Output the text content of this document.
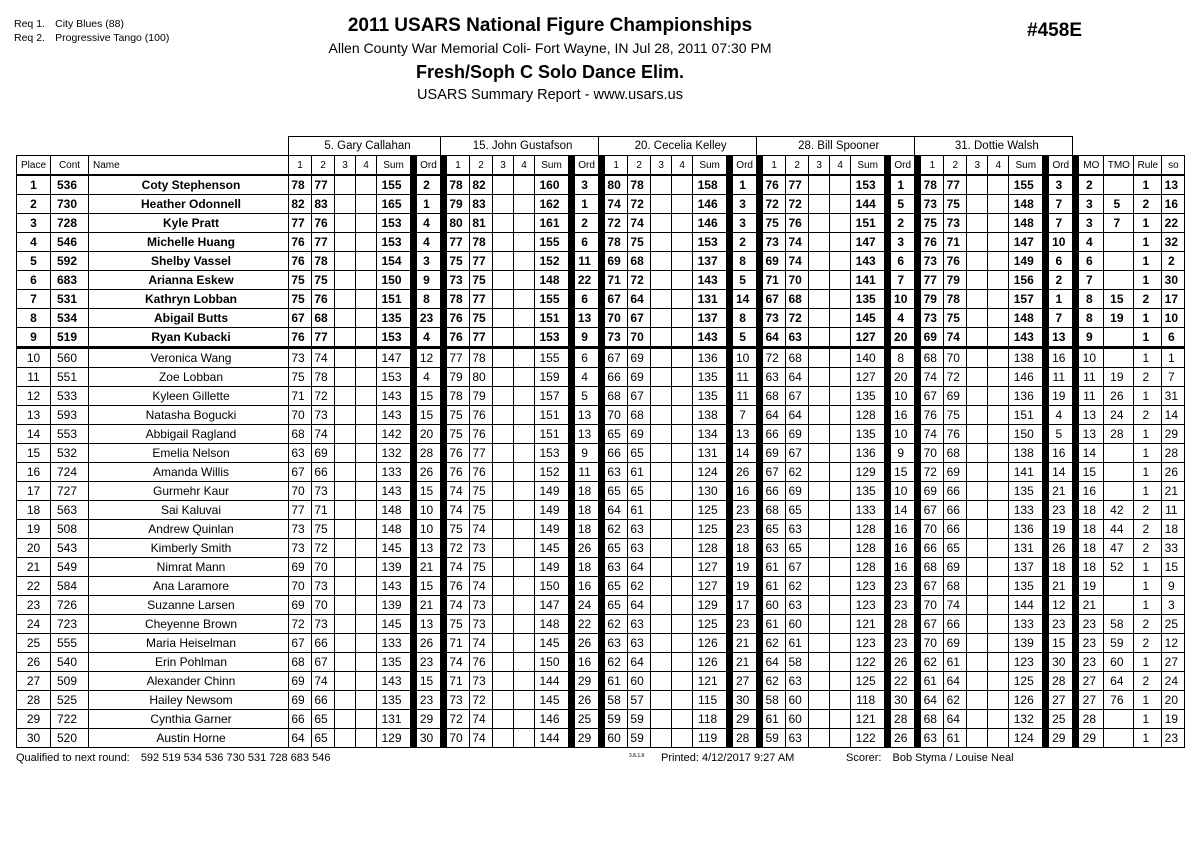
Req 1. City Blues (88)
Req 2. Progressive Tango (100)
2011 USARS National Figure Championships
Allen County War Memorial Coli- Fort Wayne, IN Jul 28, 2011 07:30 PM
Fresh/Soph C Solo Dance Elim.
USARS Summary Report - www.usars.us
#458E
			5. Gary Callahan							15. John Gustafson								20. Cecelia Kelley								28. Bill Spooner								31. Dottie Walsh												
Place	Cont	Name	1	2	3	4	Sum		Ord		1	2	3	4	Sum		Ord		1	2	3	4	Sum		Ord		1	2	3	4	Sum		Ord		1	2	3	4	Sum		Ord		MO	TMO	Rule	so
1	536	Coty Stephenson	78	77			155		2		78	82			160		3		80	78			158		1		76	77			153		1		78	77			155		3		2		1	13
2	730	Heather Odonnell	82	83			165		1		79	83			162		1		74	72			146		3		72	72			144		5		73	75			148		7		3	5	2	16
3	728	Kyle Pratt	77	76			153		4		80	81			161		2		72	74			146		3		75	76			151		2		75	73			148		7		3	7	1	22
4	546	Michelle Huang	76	77			153		4		77	78			155		6		78	75			153		2		73	74			147		3		76	71			147		10		4		1	32
5	592	Shelby Vassel	76	78			154		3		75	77			152		11		69	68			137		8		69	74			143		6		73	76			149		6		6		1	2
6	683	Arianna Eskew	75	75			150		9		73	75			148		22		71	72			143		5		71	70			141		7		77	79			156		2		7		1	30
7	531	Kathryn Lobban	75	76			151		8		78	77			155		6		67	64			131		14		67	68			135		10		79	78			157		1		8	15	2	17
8	534	Abigail Butts	67	68			135		23		76	75			151		13		70	67			137		8		73	72			145		4		73	75			148		7		8	19	1	10
9	519	Ryan Kubacki	76	77			153		4		76	77			153		9		73	70			143		5		64	63			127		20		69	74			143		13		9		1	6
10	560	Veronica Wang	73	74			147		12		77	78			155		6		67	69			136		10		72	68			140		8		68	70			138		16		10		1	1
11	551	Zoe Lobban	75	78			153		4		79	80			159		4		66	69			135		11		63	64			127		20		74	72			146		11		11	19	2	7
12	533	Kyleen Gillette	71	72			143		15		78	79			157		5		68	67			135		11		68	67			135		10		67	69			136		19		11	26	1	31
13	593	Natasha Bogucki	70	73			143		15		75	76			151		13		70	68			138		7		64	64			128		16		76	75			151		4		13	24	2	14
14	553	Abbigail Ragland	68	74			142		20		75	76			151		13		65	69			134		13		66	69			135		10		74	76			150		5		13	28	1	29
15	532	Emelia Nelson	63	69			132		28		76	77			153		9		66	65			131		14		69	67			136		9		70	68			138		16		14		1	28
16	724	Amanda Willis	67	66			133		26		76	76			152		11		63	61			124		26		67	62			129		15		72	69			141		14		15		1	26
17	727	Gurmehr Kaur	70	73			143		15		74	75			149		18		65	65			130		16		66	69			135		10		69	66			135		21		16		1	21
18	563	Sai Kaluvai	77	71			148		10		74	75			149		18		64	61			125		23		68	65			133		14		67	66			133		23		18	42	2	11
19	508	Andrew Quinlan	73	75			148		10		75	74			149		18		62	63			125		23		65	63			128		16		70	66			136		19		18	44	2	18
20	543	Kimberly Smith	73	72			145		13		72	73			145		26		65	63			128		18		63	65			128		16		66	65			131		26		18	47	2	33
21	549	Nimrat Mann	69	70			139		21		74	75			149		18		63	64			127		19		61	67			128		16		68	69			137		18		18	52	1	15
22	584	Ana Laramore	70	73			143		15		76	74			150		16		65	62			127		19		61	62			123		23		67	68			135		21		19		1	9
23	726	Suzanne Larsen	69	70			139		21		74	73			147		24		65	64			129		17		60	63			123		23		70	74			144		12		21		1	3
24	723	Cheyenne Brown	72	73			145		13		75	73			148		22		62	63			125		23		61	60			121		28		67	66			133		23		23	58	2	25
25	555	Maria Heiselman	67	66			133		26		71	74			145		26		63	63			126		21		62	61			123		23		70	69			139		15		23	59	2	12
26	540	Erin Pohlman	68	67			135		23		74	76			150		16		62	64			126		21		64	58			122		26		62	61			123		30		23	60	1	27
27	509	Alexander Chinn	69	74			143		15		71	73			144		29		61	60			121		27		62	63			125		22		61	64			125		28		27	64	2	24
28	525	Hailey Newsom	69	66			135		23		73	72			145		26		58	57			115		30		58	60			118		30		64	62			126		27		27	76	1	20
29	722	Cynthia Garner	66	65			131		29		72	74			146		25		59	59			118		29		61	60			121		28		68	64			132		25		28		1	19
30	520	Austin Horne	64	65			129		30		70	74			144		29		60	59			119		28		59	63			122		26		63	61			124		29		29		1	23
Qualified to next round: 592 519 534 536 730 531 728 683 546	3.8.1.8 Printed: 4/12/2017 9:27 AM	Scorer: Bob Styma / Louise Neal
